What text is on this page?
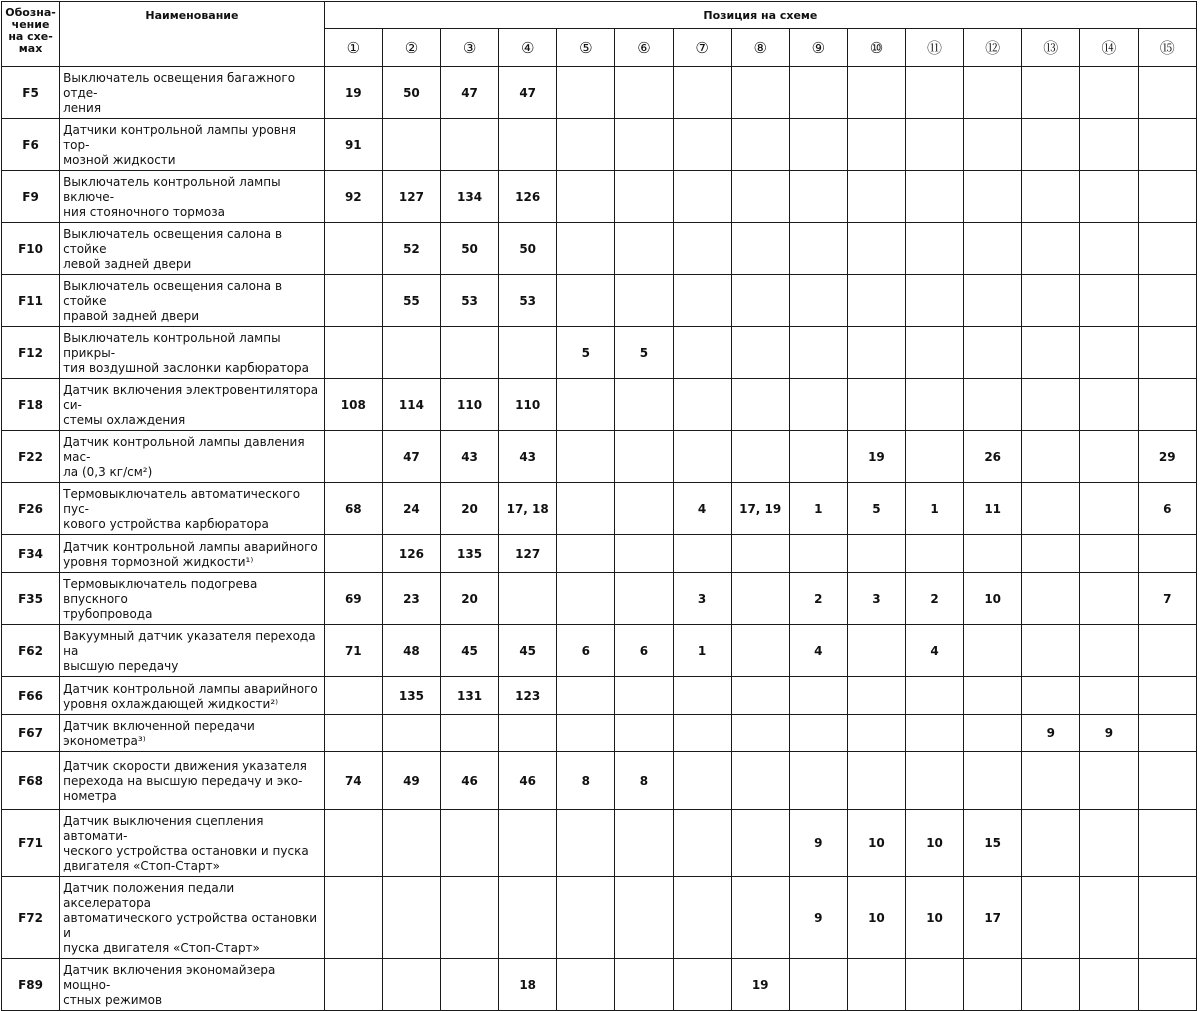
Обозна-
чение
на схе-
мах	Наименование	Позиция на схеме														
		①	②	③	④	⑤	⑥	⑦	⑧	⑨	⑩	⑪	⑫	⑬	⑭	⑮
F5	Выключатель освещения багажного отде-
ления	19	50	47	47											
F6	Датчики контрольной лампы уровня тор-
мозной жидкости	91														
F9	Выключатель контрольной лампы включе-
ния стояночного тормоза	92	127	134	126											
F10	Выключатель освещения салона в стойке
левой задней двери		52	50	50											
F11	Выключатель освещения салона в стойке
правой задней двери		55	53	53											
F12	Выключатель контрольной лампы прикры-
тия воздушной заслонки карбюратора					5	5									
F18	Датчик включения электровентилятора си-
стемы охлаждения	108	114	110	110											
F22	Датчик контрольной лампы давления мас-
ла (0,3 кг/см²)		47	43	43						19		26			29
F26	Термовыключатель автоматического пус-
кового устройства карбюратора	68	24	20	17, 18			4	17, 19	1	5	1	11			6
F34	Датчик контрольной лампы аварийного
уровня тормозной жидкости¹⁾		126	135	127											
F35	Термовыключатель подогрева впускного
трубопровода	69	23	20				3		2	3	2	10			7
F62	Вакуумный датчик указателя перехода на
высшую передачу	71	48	45	45	6	6	1		4		4				
F66	Датчик контрольной лампы аварийного
уровня охлаждающей жидкости²⁾		135	131	123											
F67	Датчик включенной передачи эконометра³⁾													9	9	
F68	Датчик скорости движения указателя
перехода на высшую передачу и эко-
нометра	74	49	46	46	8	8									
F71	Датчик выключения сцепления автомати-
ческого устройства остановки и пуска
двигателя «Стоп-Старт»									9	10	10	15			
F72	Датчик положения педали акселератора
автоматического устройства остановки и
пуска двигателя «Стоп-Старт»									9	10	10	17			
F89	Датчик включения экономайзера мощно-
стных режимов				18				19							
